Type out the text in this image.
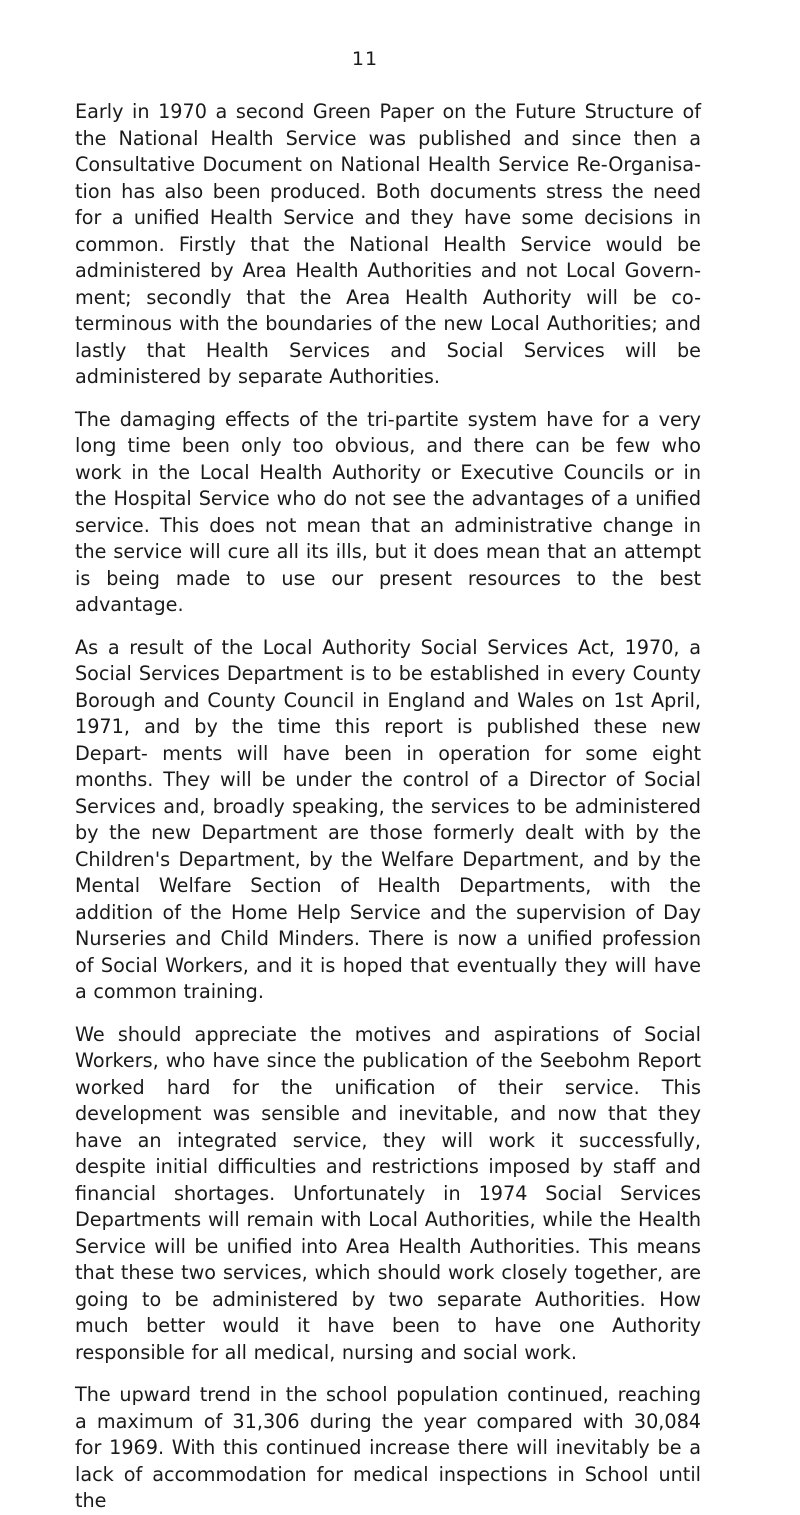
11

Early in 1970 a second Green Paper on the Future Structure of the National Health Service was published and since then a Consultative Document on National Health Service Re-Organisa- tion has also been produced. Both documents stress the need for a unified Health Service and they have some decisions in common. Firstly that the National Health Service would be administered by Area Health Authorities and not Local Govern- ment; secondly that the Area Health Authority will be co-terminous with the boundaries of the new Local Authorities; and lastly that Health Services and Social Services will be administered by separate Authorities.

The damaging effects of the tri-partite system have for a very long time been only too obvious, and there can be few who work in the Local Health Authority or Executive Councils or in the Hospital Service who do not see the advantages of a unified service. This does not mean that an administrative change in the service will cure all its ills, but it does mean that an attempt is being made to use our present resources to the best advantage.

As a result of the Local Authority Social Services Act, 1970, a Social Services Department is to be established in every County Borough and County Council in England and Wales on 1st April, 1971, and by the time this report is published these new Depart- ments will have been in operation for some eight months. They will be under the control of a Director of Social Services and, broadly speaking, the services to be administered by the new Department are those formerly dealt with by the Children's Department, by the Welfare Department, and by the Mental Welfare Section of Health Departments, with the addition of the Home Help Service and the supervision of Day Nurseries and Child Minders. There is now a unified profession of Social Workers, and it is hoped that eventually they will have a common training.

We should appreciate the motives and aspirations of Social Workers, who have since the publication of the Seebohm Report worked hard for the unification of their service. This development was sensible and inevitable, and now that they have an integrated service, they will work it successfully, despite initial difficulties and restrictions imposed by staff and financial shortages. Unfortunately in 1974 Social Services Departments will remain with Local Authorities, while the Health Service will be unified into Area Health Authorities. This means that these two services, which should work closely together, are going to be administered by two separate Authorities. How much better would it have been to have one Authority responsible for all medical, nursing and social work.

The upward trend in the school population continued, reaching a maximum of 31,306 during the year compared with 30,084 for 1969. With this continued increase there will inevitably be a lack of accommodation for medical inspections in School until the
